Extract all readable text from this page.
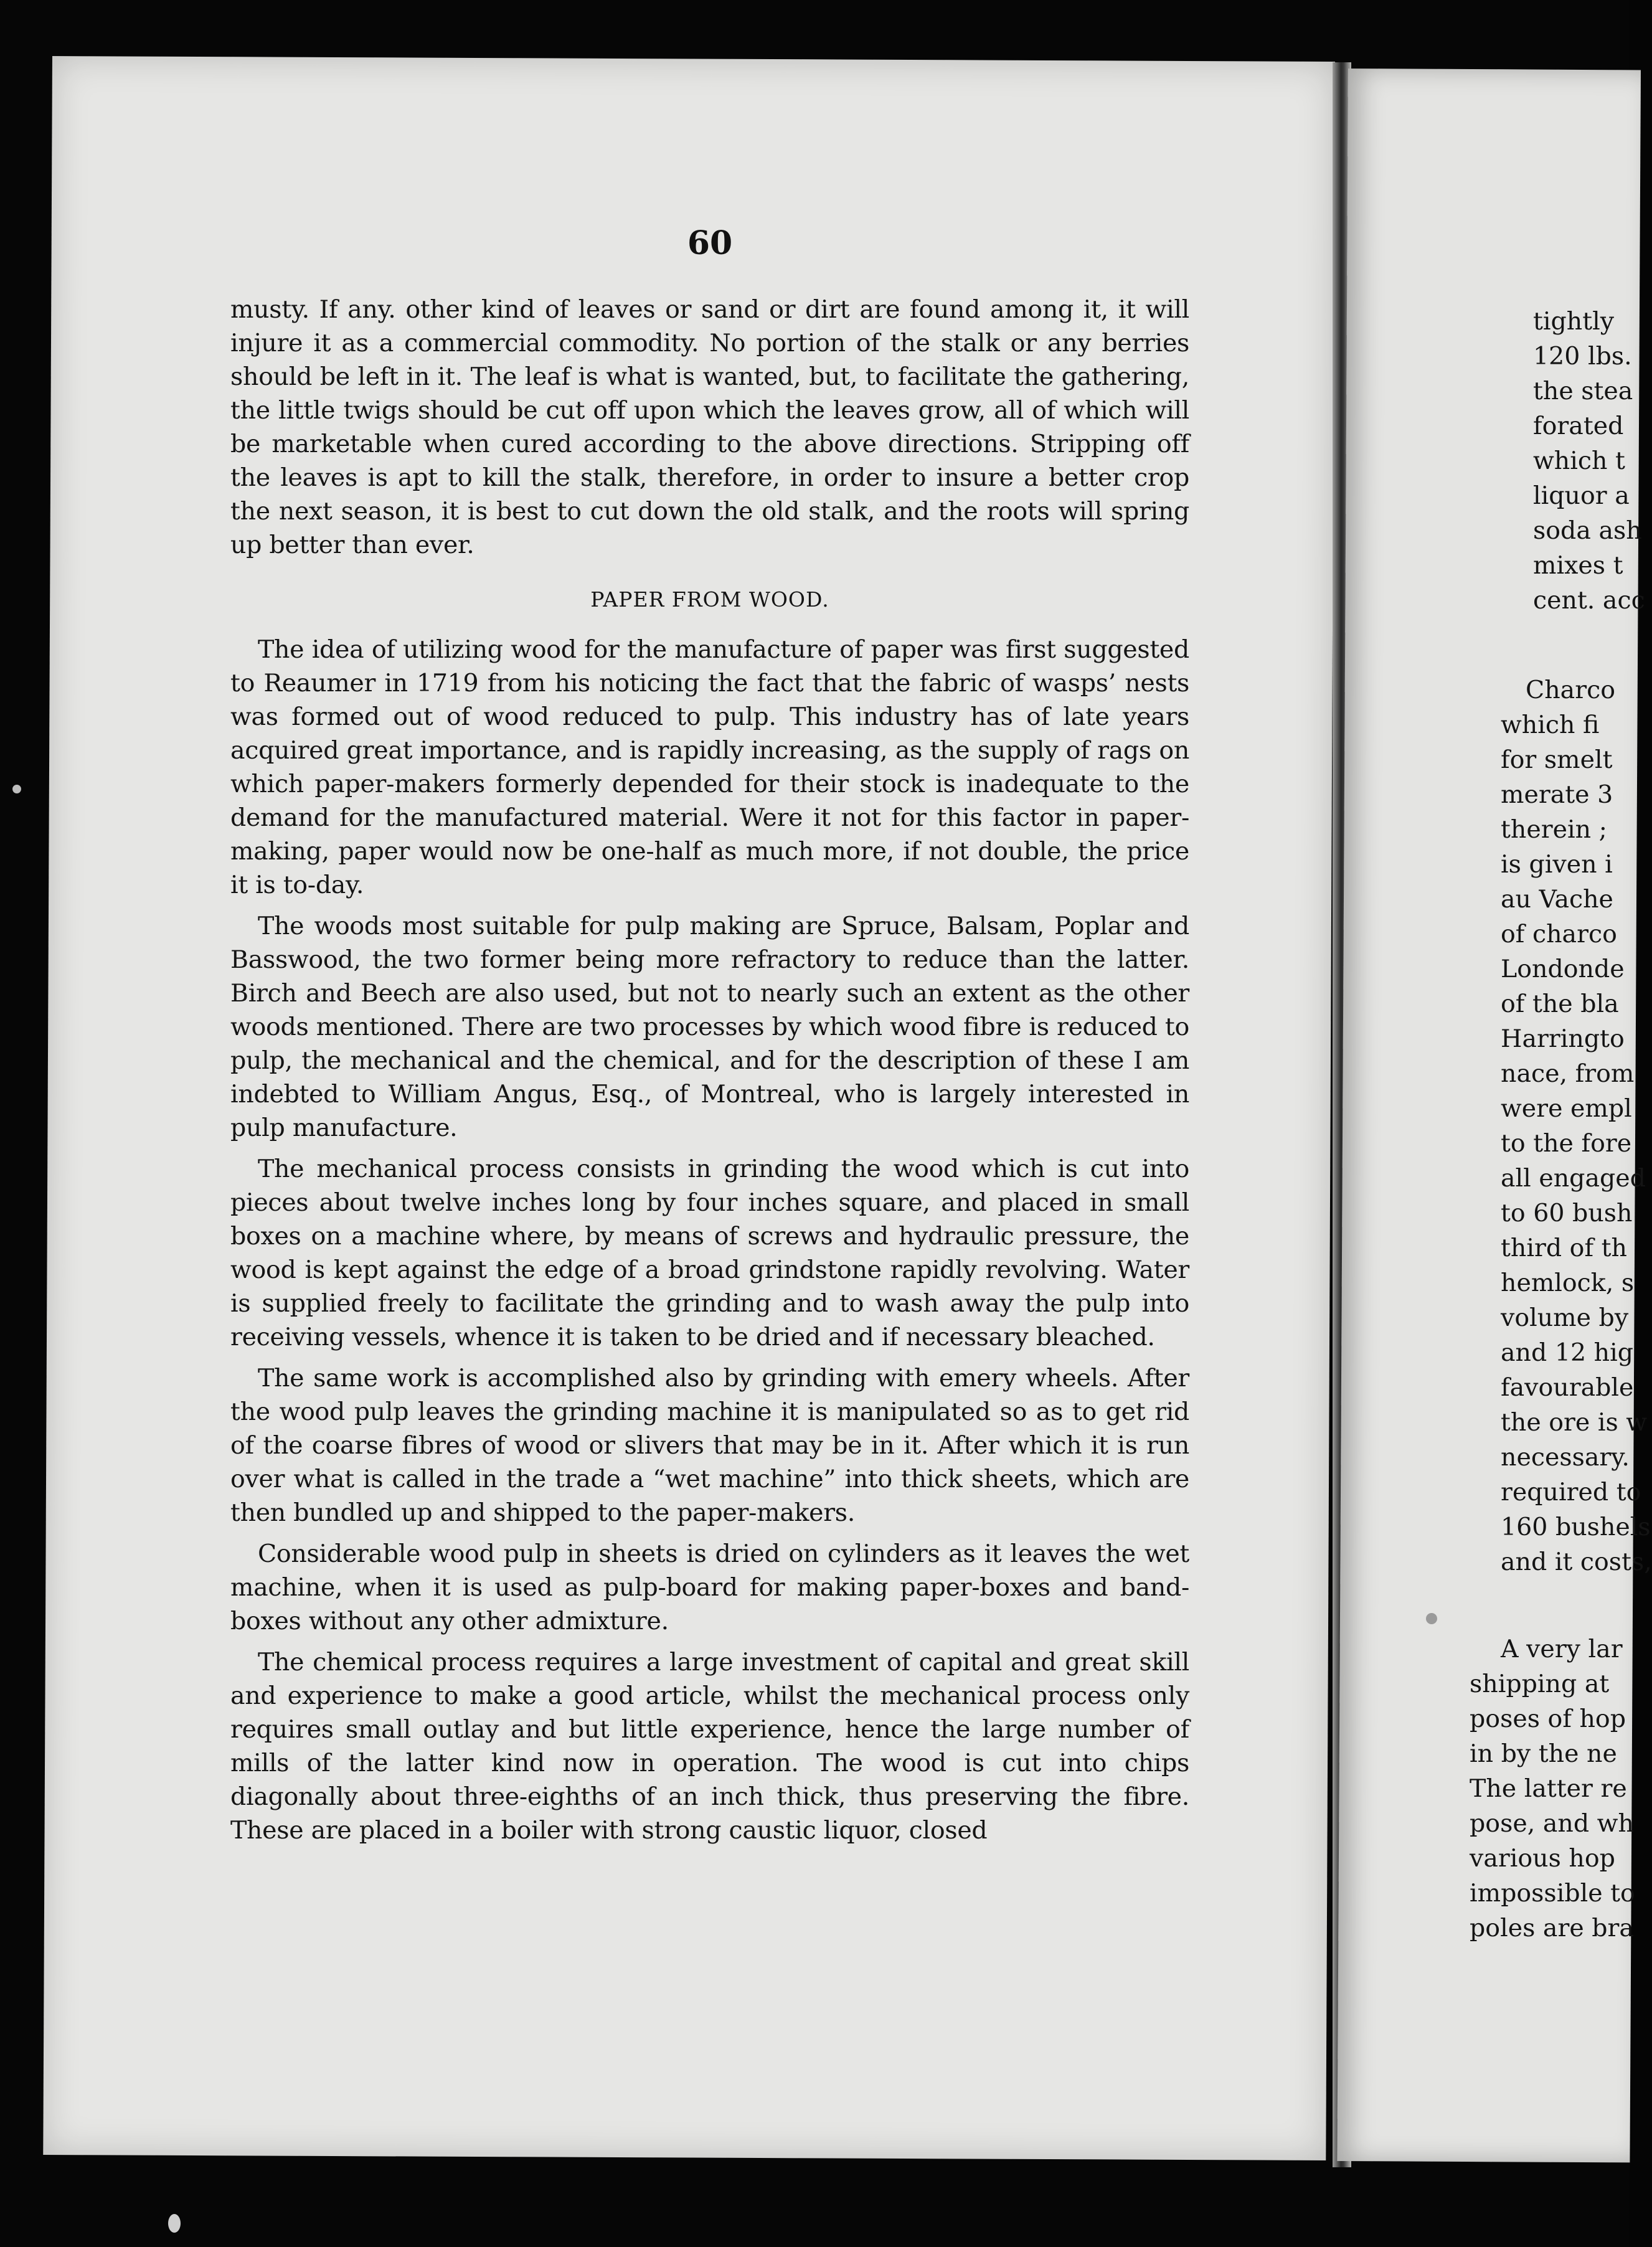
60

musty. If any. other kind of leaves or sand or dirt are found among it, it will injure it as a commercial commodity. No portion of the stalk or any berries should be left in it. The leaf is what is wanted, but, to facilitate the gathering, the little twigs should be cut off upon which the leaves grow, all of which will be marketable when cured according to the above directions. Stripping off the leaves is apt to kill the stalk, therefore, in order to insure a better crop the next season, it is best to cut down the old stalk, and the roots will spring up better than ever.

PAPER FROM WOOD.

The idea of utilizing wood for the manufacture of paper was first suggested to Reaumer in 1719 from his noticing the fact that the fabric of wasps’ nests was formed out of wood reduced to pulp. This industry has of late years acquired great importance, and is rapidly increasing, as the supply of rags on which paper-makers formerly depended for their stock is inadequate to the demand for the manufactured material. Were it not for this factor in paper-making, paper would now be one-half as much more, if not double, the price it is to-day.

The woods most suitable for pulp making are Spruce, Balsam, Poplar and Basswood, the two former being more refractory to reduce than the latter. Birch and Beech are also used, but not to nearly such an extent as the other woods mentioned. There are two processes by which wood fibre is reduced to pulp, the mechanical and the chemical, and for the description of these I am indebted to William Angus, Esq., of Montreal, who is largely interested in pulp manufacture.

The mechanical process consists in grinding the wood which is cut into pieces about twelve inches long by four inches square, and placed in small boxes on a machine where, by means of screws and hydraulic pressure, the wood is kept against the edge of a broad grindstone rapidly revolving. Water is supplied freely to facilitate the grinding and to wash away the pulp into receiving vessels, whence it is taken to be dried and if necessary bleached.

The same work is accomplished also by grinding with emery wheels. After the wood pulp leaves the grinding machine it is manipulated so as to get rid of the coarse fibres of wood or slivers that may be in it. After which it is run over what is called in the trade a “wet machine” into thick sheets, which are then bundled up and shipped to the paper-makers.

Considerable wood pulp in sheets is dried on cylinders as it leaves the wet machine, when it is used as pulp-board for making paper-boxes and band-boxes without any other admixture.

The chemical process requires a large investment of capital and great skill and experience to make a good article, whilst the mechanical process only requires small outlay and but little experience, hence the large number of mills of the latter kind now in operation. The wood is cut into chips diagonally about three-eighths of an inch thick, thus preserving the fibre. These are placed in a boiler with strong caustic liquor, closed

tightly
120 lbs.
the stea
forated
which t
liquor a
soda ash
mixes t
cent. acc
Charco
which fi
for smelt
merate 3
therein ;
is given i
au Vache
of charco
Londonde
of the bla
Harringto
nace, from
were empl
to the fore
all engaged
to 60 bush
third of th
hemlock, s
volume by
and 12 hig
favourable
the ore is w
necessary.
required to
160 bushels
and it costs,
A very lar
shipping at
poses of hop
in by the ne
The latter re
pose, and wh
various hop
impossible to
poles are bra
